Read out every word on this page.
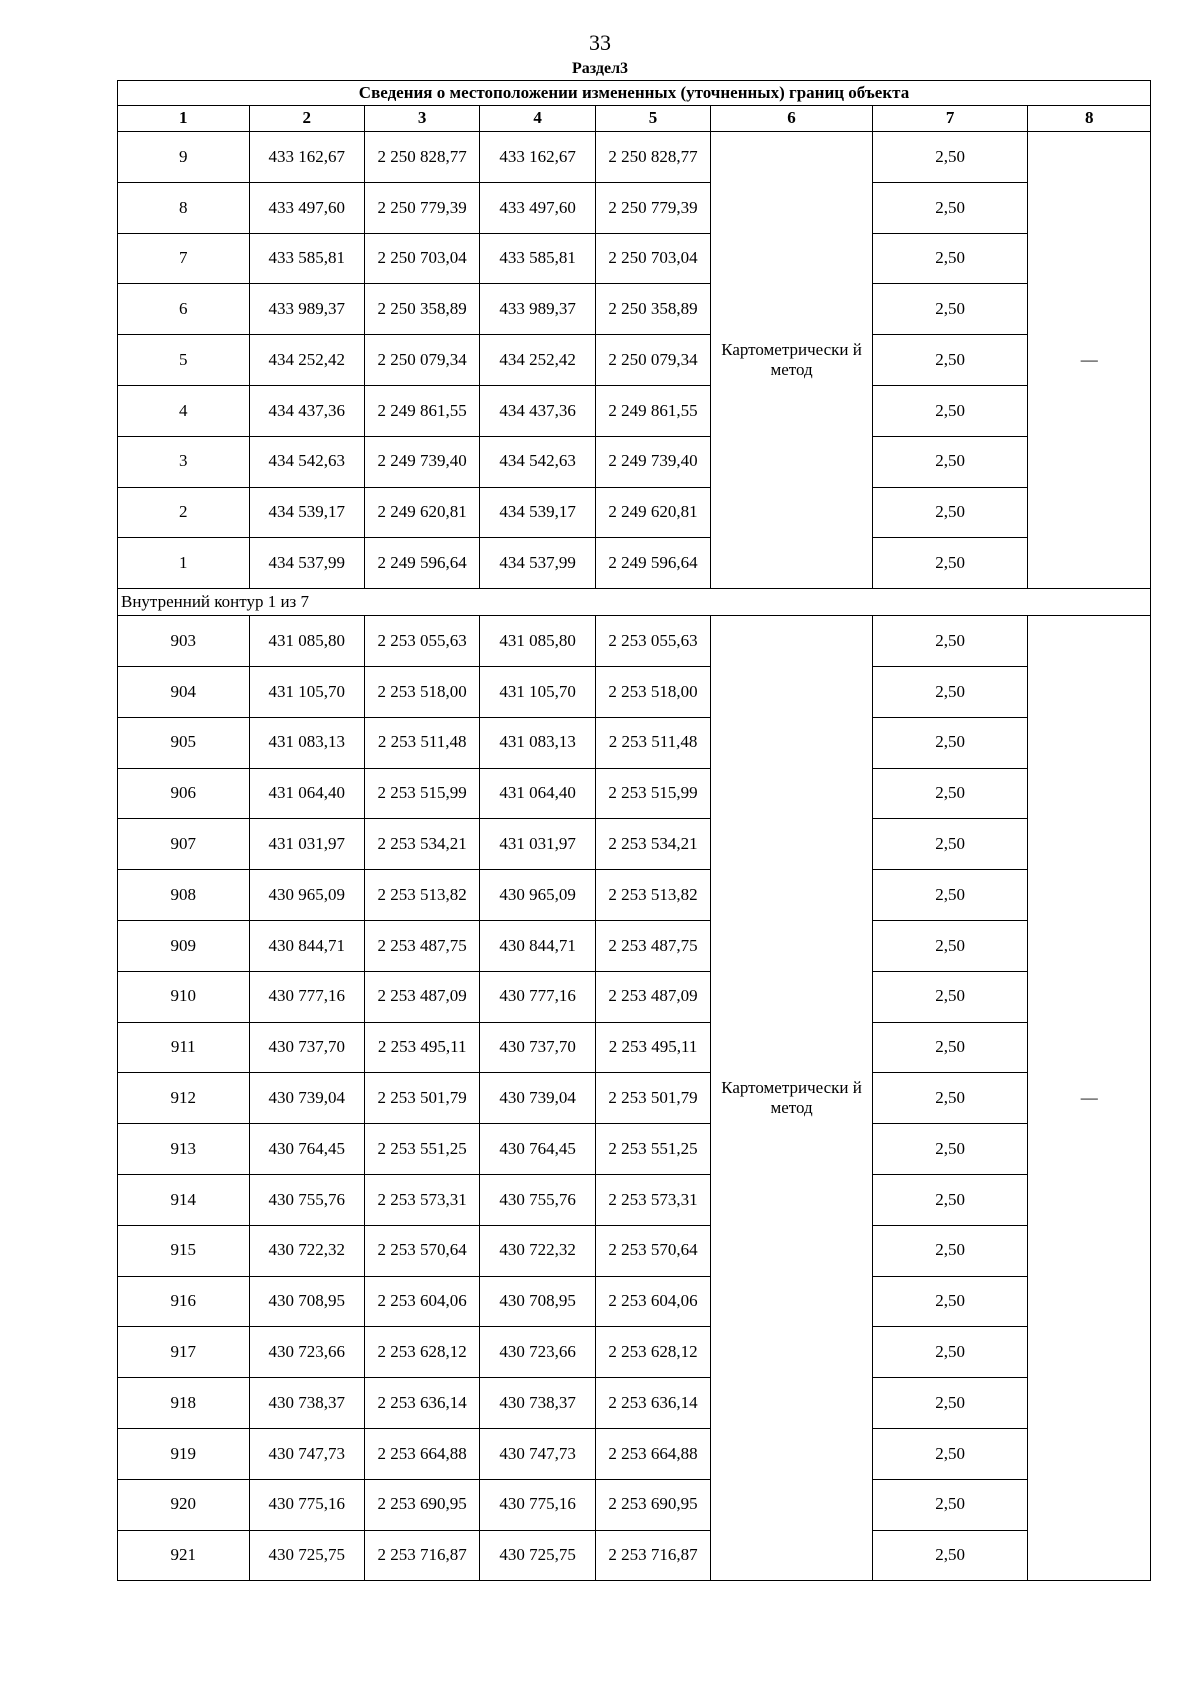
33
Раздел3
Сведения о местоположении измененных (уточненных) границ объекта							
1	2	3	4	5	6	7	8
9	433 162,67	2 250 828,77	433 162,67	2 250 828,77	Картометрически й метод	2,50	—
8	433 497,60	2 250 779,39	433 497,60	2 250 779,39		2,50	
7	433 585,81	2 250 703,04	433 585,81	2 250 703,04		2,50	
6	433 989,37	2 250 358,89	433 989,37	2 250 358,89		2,50	
5	434 252,42	2 250 079,34	434 252,42	2 250 079,34		2,50	
4	434 437,36	2 249 861,55	434 437,36	2 249 861,55		2,50	
3	434 542,63	2 249 739,40	434 542,63	2 249 739,40		2,50	
2	434 539,17	2 249 620,81	434 539,17	2 249 620,81		2,50	
1	434 537,99	2 249 596,64	434 537,99	2 249 596,64		2,50	
Внутренний контур 1 из 7							
903	431 085,80	2 253 055,63	431 085,80	2 253 055,63	Картометрически й метод	2,50	—
904	431 105,70	2 253 518,00	431 105,70	2 253 518,00		2,50	
905	431 083,13	2 253 511,48	431 083,13	2 253 511,48		2,50	
906	431 064,40	2 253 515,99	431 064,40	2 253 515,99		2,50	
907	431 031,97	2 253 534,21	431 031,97	2 253 534,21		2,50	
908	430 965,09	2 253 513,82	430 965,09	2 253 513,82		2,50	
909	430 844,71	2 253 487,75	430 844,71	2 253 487,75		2,50	
910	430 777,16	2 253 487,09	430 777,16	2 253 487,09		2,50	
911	430 737,70	2 253 495,11	430 737,70	2 253 495,11		2,50	
912	430 739,04	2 253 501,79	430 739,04	2 253 501,79		2,50	
913	430 764,45	2 253 551,25	430 764,45	2 253 551,25		2,50	
914	430 755,76	2 253 573,31	430 755,76	2 253 573,31		2,50	
915	430 722,32	2 253 570,64	430 722,32	2 253 570,64		2,50	
916	430 708,95	2 253 604,06	430 708,95	2 253 604,06		2,50	
917	430 723,66	2 253 628,12	430 723,66	2 253 628,12		2,50	
918	430 738,37	2 253 636,14	430 738,37	2 253 636,14		2,50	
919	430 747,73	2 253 664,88	430 747,73	2 253 664,88		2,50	
920	430 775,16	2 253 690,95	430 775,16	2 253 690,95		2,50	
921	430 725,75	2 253 716,87	430 725,75	2 253 716,87		2,50	
